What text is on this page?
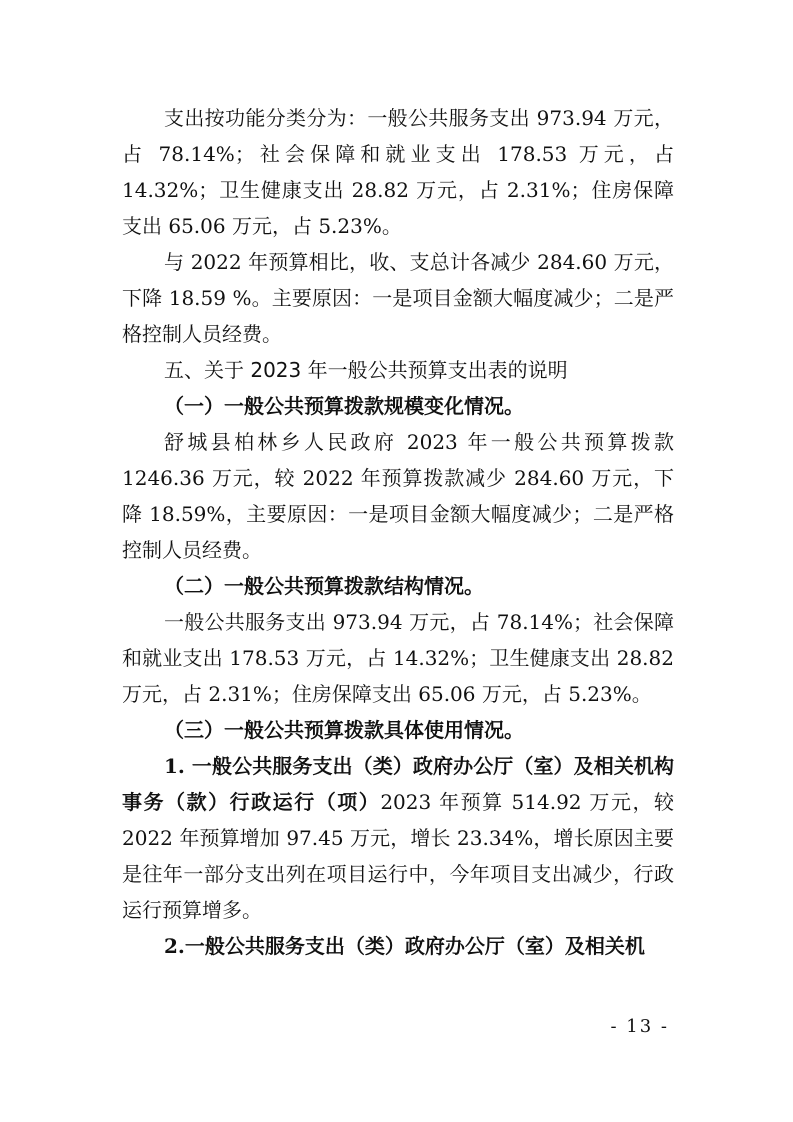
支出按功能分类分为：一般公共服务支出 973.94 万元，占 78.14%；社会保障和就业支出 178.53 万元，占 14.32%；卫生健康支出 28.82 万元，占 2.31%；住房保障支出 65.06 万元，占 5.23%。

与 2022 年预算相比，收、支总计各减少 284.60 万元，下降 18.59 %。主要原因：一是项目金额大幅度减少；二是严格控制人员经费。

五、关于 2023 年一般公共预算支出表的说明

（一）一般公共预算拨款规模变化情况。

舒城县柏林乡人民政府 2023 年一般公共预算拨款 1246.36 万元，较 2022 年预算拨款减少 284.60 万元，下降 18.59%，主要原因：一是项目金额大幅度减少；二是严格控制人员经费。

（二）一般公共预算拨款结构情况。

一般公共服务支出 973.94 万元，占 78.14%；社会保障和就业支出 178.53 万元，占 14.32%；卫生健康支出 28.82 万元，占 2.31%；住房保障支出 65.06 万元，占 5.23%。

（三）一般公共预算拨款具体使用情况。

1. 一般公共服务支出（类）政府办公厅（室）及相关机构事务（款）行政运行（项）2023 年预算 514.92 万元，较 2022 年预算增加 97.45 万元，增长 23.34%，增长原因主要是往年一部分支出列在项目运行中，今年项目支出减少，行政运行预算增多。

2.一般公共服务支出（类）政府办公厅（室）及相关机

- 13 -
